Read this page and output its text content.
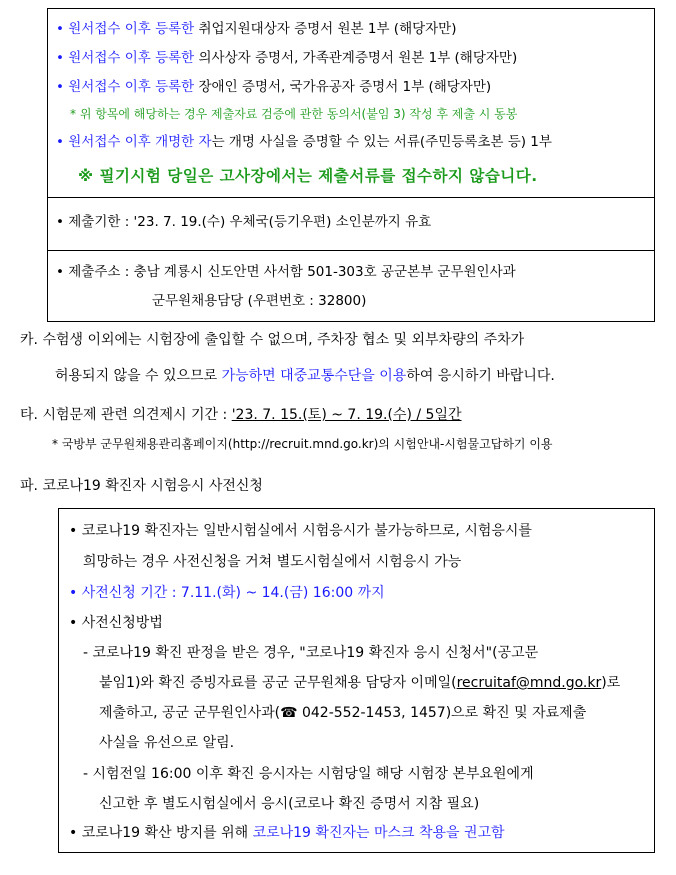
• 원서접수 이후 등록한 취업지원대상자 증명서 원본 1부 (해당자만)
• 원서접수 이후 등록한 의사상자 증명서, 가족관계증명서 원본 1부 (해당자만)
• 원서접수 이후 등록한 장애인 증명서, 국가유공자 증명서 1부 (해당자만)
* 위 항목에 해당하는 경우 제출자료 검증에 관한 동의서(붙임 3) 작성 후 제출 시 동봉
• 원서접수 이후 개명한 자는 개명 사실을 증명할 수 있는 서류(주민등록초본 등) 1부
※ 필기시험 당일은 고사장에서는 제출서류를 접수하지 않습니다.
• 제출기한 : '23. 7. 19.(수) 우체국(등기우편) 소인분까지 유효
• 제출주소 : 충남 계룡시 신도안면 사서함 501-303호 공군본부 군무원인사과
군무원채용담당 (우편번호 : 32800)
카. 수험생 이외에는 시험장에 출입할 수 없으며, 주차장 협소 및 외부차량의 주차가
허용되지 않을 수 있으므로 가능하면 대중교통수단을 이용하여 응시하기 바랍니다.
타. 시험문제 관련 의견제시 기간 : '23. 7. 15.(토) ~ 7. 19.(수) / 5일간
* 국방부 군무원채용관리홈페이지(http://recruit.mnd.go.kr)의 시험안내-시험물고답하기 이용
파. 코로나19 확진자 시험응시 사전신청
• 코로나19 확진자는 일반시험실에서 시험응시가 불가능하므로, 시험응시를
희망하는 경우 사전신청을 거쳐 별도시험실에서 시험응시 가능
• 사전신청 기간 : 7.11.(화) ~ 14.(금) 16:00 까지
• 사전신청방법
- 코로나19 확진 판정을 받은 경우, "코로나19 확진자 응시 신청서"(공고문
붙임1)와 확진 증빙자료를 공군 군무원채용 담당자 이메일(recruitaf@mnd.go.kr)로
제출하고, 공군 군무원인사과(☎ 042-552-1453, 1457)으로 확진 및 자료제출
사실을 유선으로 알림.
- 시험전일 16:00 이후 확진 응시자는 시험당일 해당 시험장 본부요원에게
신고한 후 별도시험실에서 응시(코로나 확진 증명서 지참 필요)
• 코로나19 확산 방지를 위해 코로나19 확진자는 마스크 착용을 권고함
